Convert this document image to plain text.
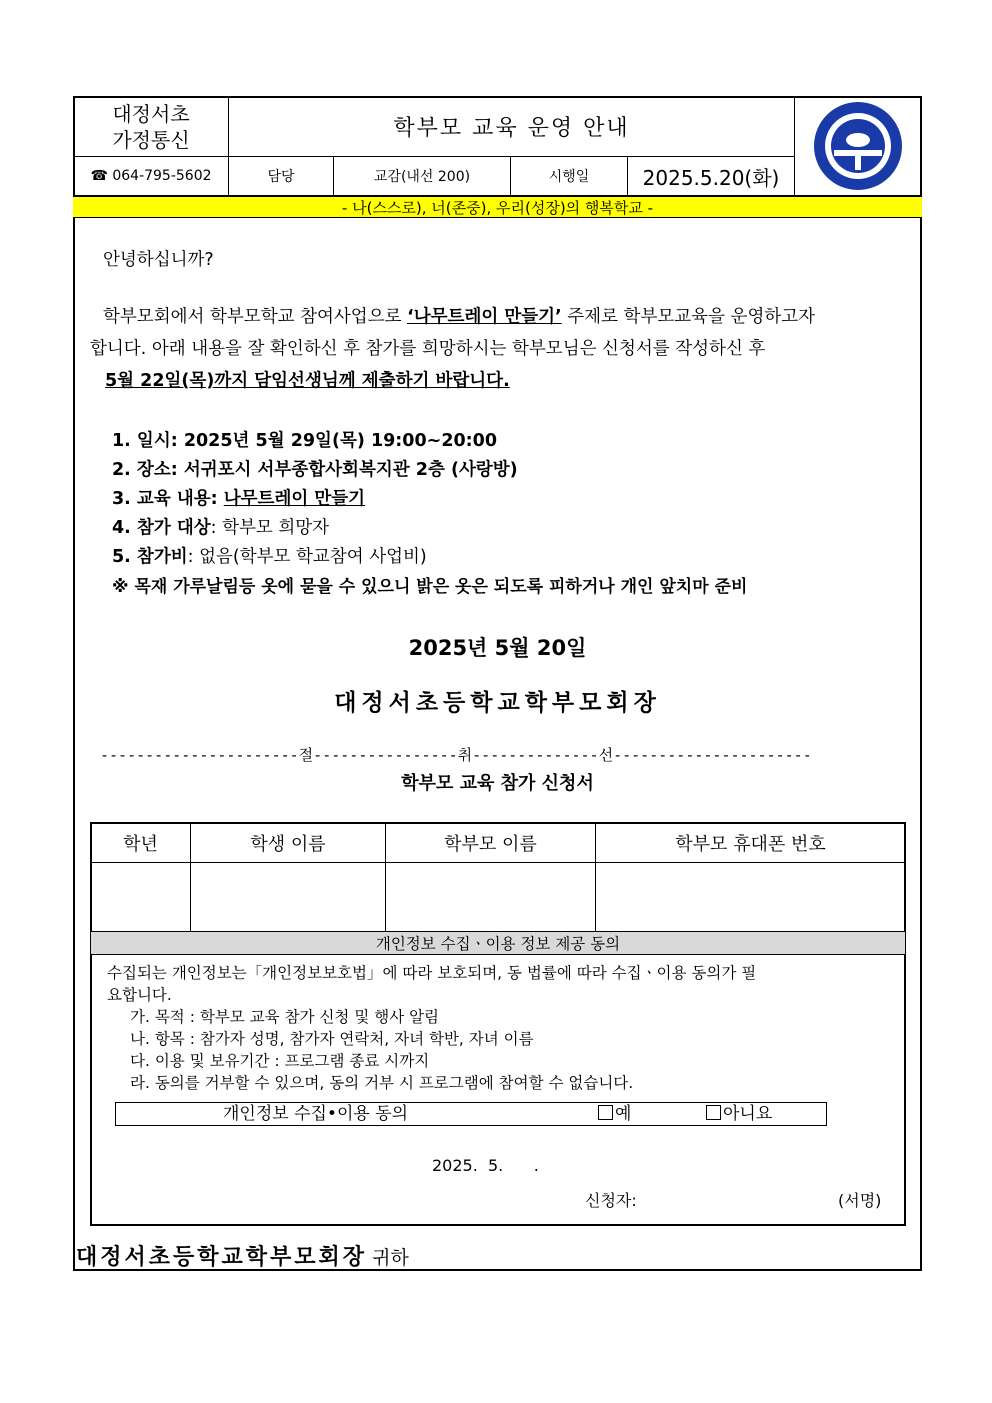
대정서초
가정통신	학부모 교육 운영 안내
☎ 064-795-5602	담당	교감(내선 200)	시행일	2025.5.20(화)
- 나(스스로), 너(존중), 우리(성장)의 행복학교 -
안녕하십니까?
학부모회에서 학부모학교 참여사업으로 ‘나무트레이 만들기’ 주제로 학부모교육을 운영하고자
합니다. 아래 내용을 잘 확인하신 후 참가를 희망하시는 학부모님은 신청서를 작성하신 후
5월 22일(목)까지 담임선생님께 제출하기 바랍니다.
1. 일시: 2025년 5월 29일(목) 19:00~20:00
2. 장소: 서귀포시 서부종합사회복지관 2층 (사랑방)
3. 교육 내용: 나무트레이 만들기
4. 참가 대상: 학부모 희망자
5. 참가비: 없음(학부모 학교참여 사업비)
※ 목재 가루날림등 옷에 묻을 수 있으니 밝은 옷은 되도록 피하거나 개인 앞치마 준비
2025년 5월 20일
대정서초등학교학부모회장
----------------------절----------------취--------------선----------------------
학부모 교육 참가 신청서
학년	학생 이름	학부모 이름	학부모 휴대폰 번호
개인정보 수집ㆍ이용 정보 제공 동의
수집되는 개인정보는「개인정보보호법」에 따라 보호되며, 동 법률에 따라 수집ㆍ이용 동의가 필
요합니다.
가. 목적 : 학부모 교육 참가 신청 및 행사 알림
나. 항목 : 참가자 성명, 참가자 연락처, 자녀 학반, 자녀 이름
다. 이용 및 보유기간 : 프로그램 종료 시까지
라. 동의를 거부할 수 있으며, 동의 거부 시 프로그램에 참여할 수 없습니다.
개인정보 수집•이용 동의	예	아니요
2025.  5.      .
신청자:	(서명)
대정서초등학교학부모회장 귀하
